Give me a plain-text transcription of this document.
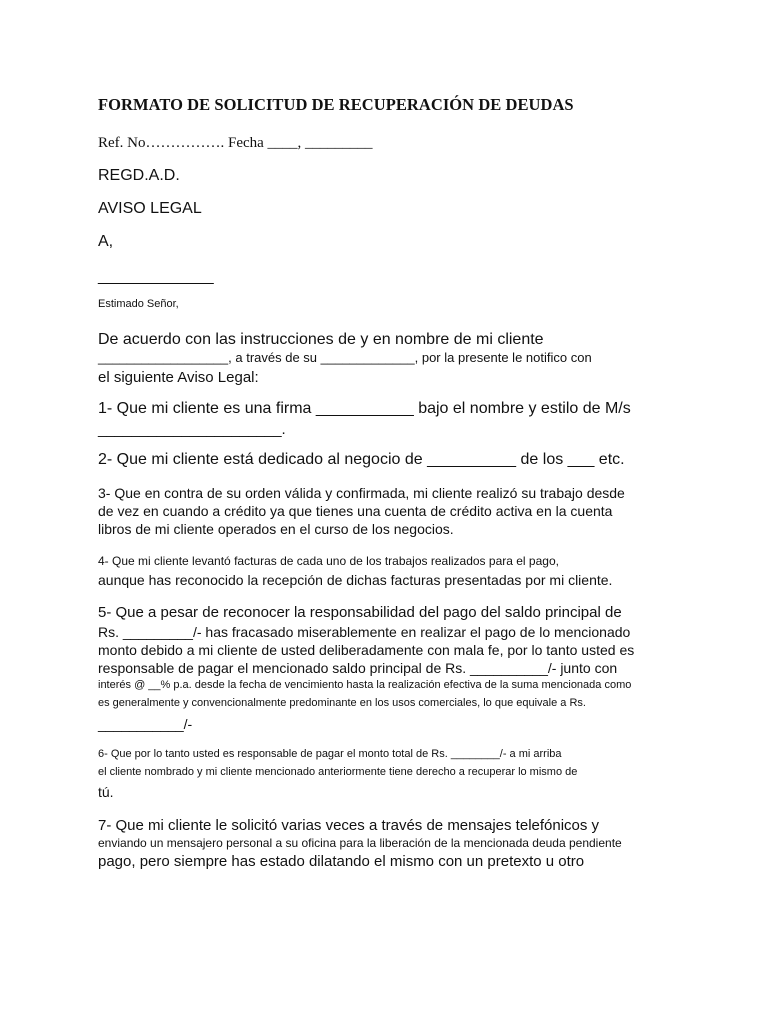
FORMATO DE SOLICITUD DE RECUPERACIÓN DE DEUDAS

Ref. No……………. Fecha ____, _________

REGD.A.D.

AVISO LEGAL

A,

_____________

Estimado Señor,

De acuerdo con las instrucciones de y en nombre de mi cliente

__________________, a través de su _____________, por la presente le notifico con

el siguiente Aviso Legal:

1- Que mi cliente es una firma ___________ bajo el nombre y estilo de M/s

______________________.

2- Que mi cliente está dedicado al negocio de __________ de los ___ etc.

3- Que en contra de su orden válida y confirmada, mi cliente realizó su trabajo desde

de vez en cuando a crédito ya que tienes una cuenta de crédito activa en la cuenta

libros de mi cliente operados en el curso de los negocios.

4- Que mi cliente levantó facturas de cada uno de los trabajos realizados para el pago,

aunque has reconocido la recepción de dichas facturas presentadas por mi cliente.

5- Que a pesar de reconocer la responsabilidad del pago del saldo principal de

Rs. _________/- has fracasado miserablemente en realizar el pago de lo mencionado

monto debido a mi cliente de usted deliberadamente con mala fe, por lo tanto usted es

responsable de pagar el mencionado saldo principal de Rs. __________/- junto con

interés @ __% p.a. desde la fecha de vencimiento hasta la realización efectiva de la suma mencionada como

es generalmente y convencionalmente predominante en los usos comerciales, lo que equivale a Rs.

___________/-

6- Que por lo tanto usted es responsable de pagar el monto total de Rs. ________/- a mi arriba

el cliente nombrado y mi cliente mencionado anteriormente tiene derecho a recuperar lo mismo de

tú.

7- Que mi cliente le solicitó varias veces a través de mensajes telefónicos y

enviando un mensajero personal a su oficina para la liberación de la mencionada deuda pendiente

pago, pero siempre has estado dilatando el mismo con un pretexto u otro
